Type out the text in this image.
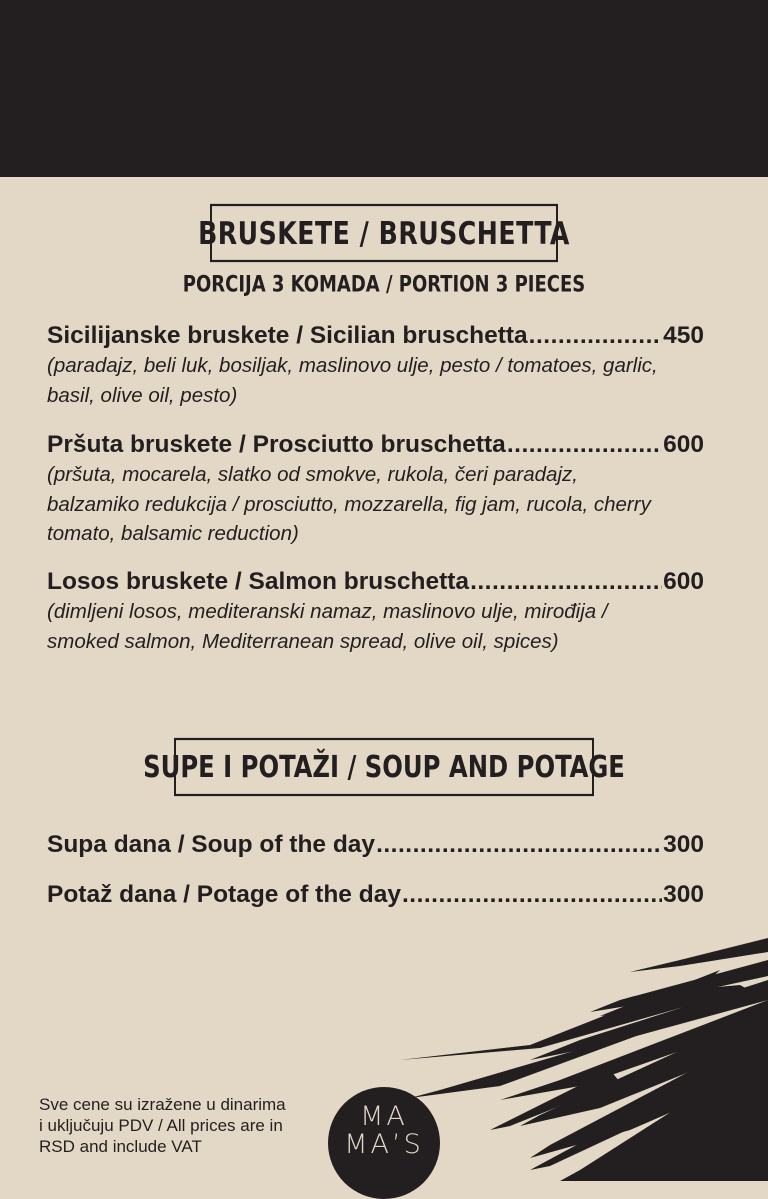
BRUSKETE / BRUSCHETTA
PORCIJA 3 KOMADA / PORTION 3 PIECES
Sicilijanske bruskete / Sicilian bruschetta .....	450
(paradajz, beli luk, bosiljak, maslinovo ulje, pesto / tomatoes, garlic,
basil, olive oil, pesto)
Pršuta bruskete / Prosciutto bruschetta .....	600
(pršuta, mocarela, slatko od smokve, rukola, čeri paradajz,
balzamiko redukcija / prosciutto, mozzarella, fig jam, rucola, cherry
tomato, balsamic reduction)
Losos bruskete / Salmon bruschetta .....	600
(dimljeni losos, mediteranski namaz, maslinovo ulje, mirođija /
smoked salmon, Mediterranean spread, olive oil, spices)
SUPE I POTAŽI / SOUP AND POTAGE
Supa dana / Soup of the day .....	300
Potaž dana / Potage of the day .....	300
Sve cene su izražene u dinarima
i uključuju PDV / All prices are in
RSD and include VAT
MA
MA’S
